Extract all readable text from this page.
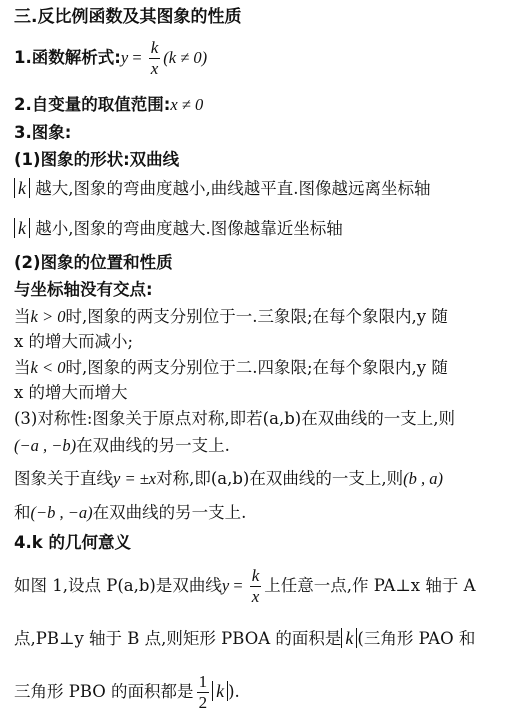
三.反比例函数及其图象的性质
1.函数解析式:y = $\frac{k}{x} (k \ne 0)$
2.自变量的取值范围:x ≠ 0
3.图象:
(1)图象的形状:双曲线
k 越大,图象的弯曲度越小,曲线越平直.图像越远离坐标轴
k 越小,图象的弯曲度越大.图像越靠近坐标轴
(2)图象的位置和性质
与坐标轴没有交点:
当k > 0时,图象的两支分别位于一.三象限;在每个象限内,y 随
x 的增大而减小;
当k < 0时,图象的两支分别位于二.四象限;在每个象限内,y 随
x 的增大而增大
(3)对称性:图象关于原点对称,即若(a,b)在双曲线的一支上,则
(−a , −b)在双曲线的另一支上.
图象关于直线y = ±x对称,即(a,b)在双曲线的一支上,则(b , a)
和(−b , −a)在双曲线的另一支上.
4.k 的几何意义
如图 1,设点 P(a,b)是双曲线$y = \frac{k}{x}$ 上任意一点,作 PA⊥x 轴于 A
点,PB⊥y 轴于 B 点,则矩形 PBOA 的面积是 k (三角形 PAO 和
三角形 PBO 的面积都是 $\frac{1}{2}$ k ).
